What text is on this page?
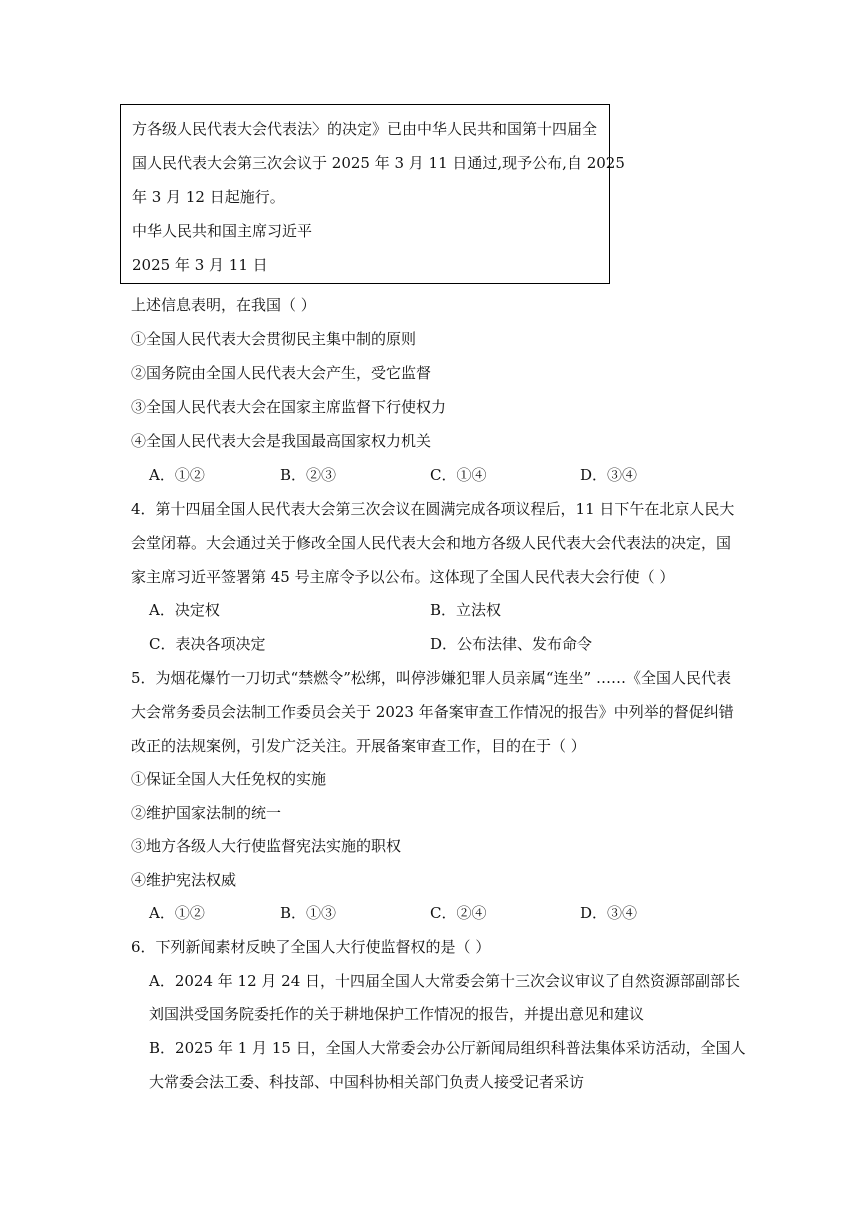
方各级人民代表大会代表法〉的决定》已由中华人民共和国第十四届全
国人民代表大会第三次会议于 2025 年 3 月 11 日通过,现予公布,自 2025
年 3 月 12 日起施行。
中华人民共和国主席习近平
2025 年 3 月 11 日
上述信息表明，在我国（ ）
①全国人民代表大会贯彻民主集中制的原则
②国务院由全国人民代表大会产生，受它监督
③全国人民代表大会在国家主席监督下行使权力
④全国人民代表大会是我国最高国家权力机关
A．①②	B．②③	C．①④	D．③④
4．第十四届全国人民代表大会第三次会议在圆满完成各项议程后，11 日下午在北京人民大
会堂闭幕。大会通过关于修改全国人民代表大会和地方各级人民代表大会代表法的决定，国
家主席习近平签署第 45 号主席令予以公布。这体现了全国人民代表大会行使（ ）
A．决定权	B．立法权
C．表决各项决定	D．公布法律、发布命令
5．为烟花爆竹一刀切式“禁燃令”松绑，叫停涉嫌犯罪人员亲属“连坐” ……《全国人民代表
大会常务委员会法制工作委员会关于 2023 年备案审查工作情况的报告》中列举的督促纠错
改正的法规案例，引发广泛关注。开展备案审查工作，目的在于（ ）
①保证全国人大任免权的实施
②维护国家法制的统一
③地方各级人大行使监督宪法实施的职权
④维护宪法权威
A．①②	B．①③	C．②④	D．③④
6．下列新闻素材反映了全国人大行使监督权的是（ ）
A．2024 年 12 月 24 日，十四届全国人大常委会第十三次会议审议了自然资源部副部长
刘国洪受国务院委托作的关于耕地保护工作情况的报告，并提出意见和建议
B．2025 年 1 月 15 日，全国人大常委会办公厅新闻局组织科普法集体采访活动，全国人
大常委会法工委、科技部、中国科协相关部门负责人接受记者采访
